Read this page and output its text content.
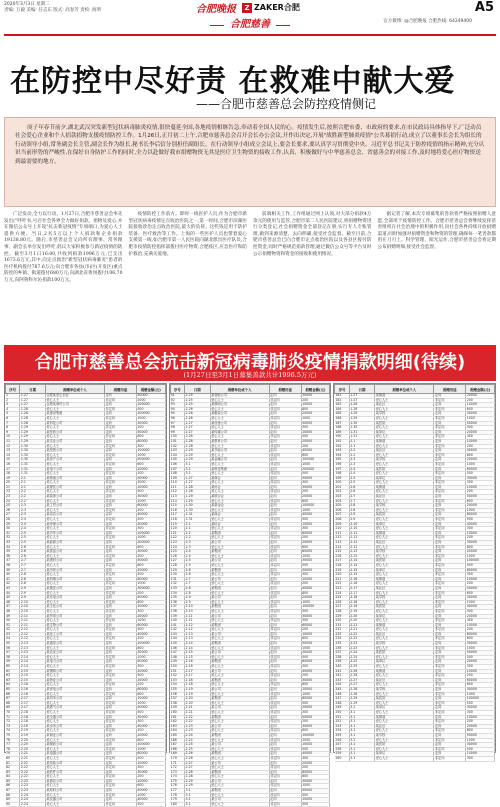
2020年3月3日 星期二
责编: 万毅 美编: 任志东 版式: 高春芳 责校: 海明	合肥晚报	Z ZAKER合肥	A5
合肥慈善	官方微博: @合肥晚报 合肥热线: 64249400
在防控中尽好责 在救难中献大爱
——合肥市慈善总会防控疫情侧记

庚子年春节前夕,湖北武汉突发新型冠状病毒肺炎疫情,很快蔓延全国,各地疫情相继告急,牵动着全国人民的心。疫情发生后,按照合肥市委、市政府的要求,在市民政局具体指导下,广泛动员社会爱心企业和个人捐款捐物支援疫情防控工作。1月26日,正月初二上午,合肥市慈善总会召开会长办公会议,开作出决定,开展"战胜新型肺炎疫情"公共募捐行动,成立了以董事长会长为组长的行动领导小组,常务副会长主管,副会长作为组长,秘书长李后信分别担任副组长。在行动领导小组成立会议上,要会长要求,要认真学习贯彻党中央、习近平总书记关于防控疫情的指示精神,充分认识当前形势的严峻性,在保好自身防护工作的同时,全力以赴做好我市捐赠物资无其是医疗卫生物资的接收工作,认真、积极做好与中华慈善总会、省慈善会的对接工作,及时地将爱心医疗物资送到最需要的地方。

广泛发动,全力以行动。1月27日,合肥市慈善总会率先发出("呼吁书,号召社会各界全力做好捐款、捐物及爱心,并在微信公众号上开设"抗击新冠疫情"专项端口,为爱心人士提供方便。当日,2名5万以上个人捐款和企业捐款19138.80元。随后,市慈善总会又向所有理事、常务理事、副会长单位发出呼吁,倡议大家积极参与新冠疫情的防控。截至3月1日16:00,共收到捐款1996万元,已支出1673.6万元,其中,向定点救治"新型冠状病毒肺炎"患者的医疗机构拨付787.6万元;向合肥市各县(市)区(开发区)重点防控的乡镇、街道拨付680万元;向湖北省黄冈拨付106.70万元,向阿鲁科尔沁捐款100万元。

疫情防控工作前方。即时一线医护人员,作为合肥市新型冠状病毒疫情定点收治医院之一,第一时间,合肥市滨湖医院接收诊治定点收治医院,最大的负荷。这些钱是用于防护装备、医疗救治等工作。上海的一些医护人员也带着爱心支援第一线,如合肥市第一人民医院向湖北派出医疗队员,合肥市疫情防控指挥部拨付医疗物资,合肥疫区,应急医疗和防护救治,充满关爱地。

前端相关工作,工作组通过网上认领,对大部分捐款4万余元的使用与监管,合肥市第二人民医院建议,将捐赠物资进行分类登记,社会捐赠资金全部登记在册,实行专人专账管理,做到来源清楚、去向明确,接受社会监督。截至目前,合肥市慈善总会已向合肥市定点收治医院以及各县区拨付防控资金,同时严格规范捐款管理,通过微信公众号等平台及时公示捐赠物资和资金的接收和使用情况。

据记者了解,本次专项募集的善款将严格按照捐赠人意愿,全部用于疫情防控工作。合肥市慈善总会将继续发挥慈善组织在社会治理中的积极作用,向社会各界持续开放捐赠渠道,同时加强对捐赠资金和物资的管理,确保每一笔善款都用在刀刃上。科学管理、阳光运作,合肥市慈善总会将定期公布捐赠明细,接受社会监督。

合肥市慈善总会抗击新冠病毒肺炎疫情捐款明细(待续)
(1月27日至3月1日募集善款共计1996.5万元)
序号	日期	捐赠单位或个人	捐赠用途	捐赠金额(元)
1	1.27	合肥某爱心企业	定向	50000
2	1.27	爱心人士	非定向	2000
3	1.27	合肥某商贸公司	定向	100000
4	1.28	爱心人士	非定向	500
5	1.28	某建设集团	定向	200000
6	1.28	爱心人士	非定向	1000
7	1.28	某科技公司	定向	30000
8	1.29	爱心人士	非定向	200
9	1.29	某医药公司	定向	50000
10	1.29	爱心人士	非定向	800
11	1.29	某实业公司	定向	80000
12	1.30	爱心人士	非定向	300
13	1.30	某投资公司	定向	100000
14	1.30	爱心人士	非定向	1000
15	1.30	某房产公司	定向	500000
16	1.31	爱心人士	非定向	600
17	1.31	某电子公司	定向	20000
18	1.31	爱心人士	非定向	100
19	2.1	某物流公司	定向	50000
20	2.1	爱心人士	非定向	2000
21	2.1	某餐饮公司	定向	10000
22	2.2	爱心人士	非定向	500
23	2.2	某装饰公司	定向	30000
24	2.2	爱心人士	非定向	1000
25	2.3	某工贸公司	定向	60000
26	2.3	爱心人士	非定向	200
27	2.3	某信息公司	定向	40000
28	2.4	爱心人士	非定向	500
29	2.4	某环保公司	定向	20000
30	2.4	爱心人士	非定向	300
31	2.5	某汽车公司	定向	100000
32	2.5	爱心人士	非定向	1000
33	2.5	某能源公司	定向	200000
34	2.6	爱心人士	非定向	600
35	2.6	某食品公司	定向	30000
36	2.6	爱心人士	非定向	200
37	2.7	某建材公司	定向	50000
38	2.7	爱心人士	非定向	800
39	2.7	某纺织公司	定向	20000
40	2.8	爱心人士	非定向	500
41	2.8	某机械公司	定向	80000
42	2.8	爱心人士	非定向	1000
43	2.9	某置业公司	定向	300000
44	2.9	爱心人士	非定向	200
45	2.9	某光电公司	定向	50000
46	2.10	爱心人士	非定向	600
47	2.10	某文化公司	定向	10000
48	2.10	爱心人士	非定向	300
49	2.11	某贸易公司	定向	20000
50	2.11	爱心人士	非定向	1000
51	2.11	某生物公司	定向	60000
52	2.12	爱心人士	非定向	500
53	2.12	某化工公司	定向	40000
54	2.12	爱心人士	非定向	200
55	2.13	某通信公司	定向	100000
56	2.13	爱心人士	非定向	800
57	2.13	某农业公司	定向	30000
58	2.14	爱心人士	非定向	1000
59	2.14	某电力公司	定向	50000
60	2.14	爱心人士	非定向	300
61	2.15	某钢构公司	定向	20000
62	2.15	爱心人士	非定向	500
63	2.15	某物业公司	定向	10000
64	2.16	爱心人士	非定向	200
65	2.16	某家电公司	定向	80000
66	2.16	爱心人士	非定向	600
67	2.17	某印务公司	定向	10000
68	2.17	爱心人士	非定向	1000
69	2.17	某燃气公司	定向	50000
70	2.18	爱心人士	非定向	500
71	2.18	某交通公司	定向	30000
72	2.18	爱心人士	非定向	300
73	2.19	某水务公司	定向	40000
74	2.19	爱心人士	非定向	200
75	2.19	某商业公司	定向	20000
76	2.20	爱心人士	非定向	800
77	2.20	某制药公司	定向	100000
78	2.20	爱心人士	非定向	1000
79	2.21	某电器公司	定向	60000
80	2.21	爱心人士	非定向	500
81	2.21	某包装公司	定向	10000
82	2.22	爱心人士	非定向	300
83	2.22	某软件公司	定向	30000
84	2.22	爱心人士	非定向	200
85	2.23	某酒店公司	定向	20000
86	2.23	爱心人士	非定向	600
87	2.23	某材料公司	定向	50000
88	2.24	爱心人士	非定向	1000
89	2.24	某仪器公司	定向	40000
90	2.24	爱心人士	非定向	500
序号	日期	捐赠单位或个人	捐赠用途	捐赠金额(元)
91	2.25	某智能公司	定向	30000
92	2.25	爱心人士	非定向	200
93	2.25	某照明公司	定向	10000
94	2.26	爱心人士	非定向	800
95	2.26	某服装公司	定向	20000
96	2.26	爱心人士	非定向	1000
97	2.27	某设备公司	定向	50000
98	2.27	爱心人士	非定向	300
99	2.27	某传媒公司	定向	10000
100	2.28	爱心人士	非定向	500
101	2.28	某教育公司	定向	20000
102	2.28	爱心人士	非定向	200
103	2.29	某节能公司	定向	40000
104	2.29	爱心人士	非定向	600
105	2.29	某金融公司	定向	100000
106	3.1	爱心人士	非定向	1000
107	3.1	某科技集团	定向	200000
108	3.1	爱心人士	非定向	500
109	1.27	某商会	定向	50000
110	1.27	爱心人士	非定向	300
111	1.28	某协会	定向	30000
112	1.28	爱心人士	非定向	200
113	1.29	某联合会	定向	20000
114	1.29	爱心人士	非定向	800
115	1.30	某基金会	定向	100000
116	1.30	爱心人士	非定向	1000
117	1.31	某商会	定向	40000
118	1.31	爱心人士	非定向	500
119	2.1	某协会	定向	10000
120	2.1	爱心人士	非定向	300
121	2.2	某集团	定向	60000
122	2.2	爱心人士	非定向	200
123	2.3	某公司	定向	20000
124	2.3	爱心人士	非定向	600
125	2.4	某集团	定向	80000
126	2.4	爱心人士	非定向	1000
127	2.5	某公司	定向	30000
128	2.5	爱心人士	非定向	500
129	2.6	某集团	定向	50000
130	2.6	爱心人士	非定向	300
131	2.7	某公司	定向	10000
132	2.7	爱心人士	非定向	200
133	2.8	某集团	定向	40000
134	2.8	爱心人士	非定向	800
135	2.9	某公司	定向	20000
136	2.9	爱心人士	非定向	1000
137	2.10	某集团	定向	100000
138	2.10	爱心人士	非定向	500
139	2.11	某公司	定向	30000
140	2.11	爱心人士	非定向	300
141	2.12	某集团	定向	60000
142	2.12	爱心人士	非定向	200
143	2.13	某公司	定向	10000
144	2.13	爱心人士	非定向	600
145	2.14	某集团	定向	50000
146	2.14	爱心人士	非定向	1000
147	2.15	某公司	定向	20000
148	2.15	爱心人士	非定向	500
149	2.16	某集团	定向	80000
150	2.16	爱心人士	非定向	300
151	2.17	某公司	定向	40000
152	2.17	爱心人士	非定向	200
153	2.18	某集团	定向	30000
154	2.18	爱心人士	非定向	800
155	2.19	某公司	定向	10000
156	2.19	爱心人士	非定向	1000
157	2.20	某集团	定向	60000
158	2.20	爱心人士	非定向	500
159	2.21	某公司	定向	20000
160	2.21	爱心人士	非定向	300
161	2.22	某集团	定向	50000
162	2.22	爱心人士	非定向	200
163	2.23	某公司	定向	30000
164	2.23	爱心人士	非定向	600
165	2.24	某集团	定向	100000
166	2.24	爱心人士	非定向	1000
167	2.25	某公司	定向	10000
168	2.25	爱心人士	非定向	500
169	2.26	某集团	定向	40000
170	2.26	爱心人士	非定向	300
171	2.27	某公司	定向	20000
172	2.27	爱心人士	非定向	200
173	2.28	某集团	定向	80000
174	2.28	爱心人士	非定向	800
175	2.29	某公司	定向	30000
176	2.29	爱心人士	非定向	1000
177	3.1	某集团	定向	50000
178	3.1	爱心人士	非定向	500
179	3.1	某公司	定向	10000
180	3.1	爱心人士	非定向	300
序号	日期	捐赠单位或个人	捐赠用途	捐赠金额(元)
181	1.27	某街道	定向	20000
182	1.27	爱心人士	非定向	200
183	1.28	某社区	定向	10000
184	1.28	爱心人士	非定向	600
185	1.29	某学校	定向	30000
186	1.29	爱心人士	非定向	1000
187	1.30	某医院	定向	50000
188	1.30	爱心人士	非定向	500
189	1.31	某单位	定向	20000
190	1.31	爱心人士	非定向	300
191	2.1	某街道	定向	10000
192	2.1	爱心人士	非定向	200
193	2.2	某社区	定向	40000
194	2.2	爱心人士	非定向	800
195	2.3	某学校	定向	20000
196	2.3	爱心人士	非定向	1000
197	2.4	某医院	定向	60000
198	2.4	爱心人士	非定向	500
199	2.5	某单位	定向	30000
200	2.5	爱心人士	非定向	300
201	2.6	某街道	定向	10000
202	2.6	爱心人士	非定向	200
203	2.7	某社区	定向	50000
204	2.7	爱心人士	非定向	600
205	2.8	某学校	定向	20000
206	2.8	爱心人士	非定向	1000
207	2.9	某医院	定向	80000
208	2.9	爱心人士	非定向	500
209	2.10	某单位	定向	40000
210	2.10	爱心人士	非定向	300
211	2.11	某街道	定向	10000
212	2.11	爱心人士	非定向	200
213	2.12	某社区	定向	30000
214	2.12	爱心人士	非定向	800
215	2.13	某学校	定向	20000
216	2.13	爱心人士	非定向	1000
217	2.14	某医院	定向	100000
218	2.14	爱心人士	非定向	500
219	2.15	某单位	定向	60000
220	2.15	爱心人士	非定向	300
221	2.16	某街道	定向	10000
222	2.16	爱心人士	非定向	200
223	2.17	某社区	定向	50000
224	2.17	爱心人士	非定向	600
225	2.18	某学校	定向	30000
226	2.18	爱心人士	非定向	1000
227	2.19	某医院	定向	40000
228	2.19	爱心人士	非定向	500
229	2.20	某单位	定向	20000
230	2.20	爱心人士	非定向	300
231	2.21	某街道	定向	10000
232	2.21	爱心人士	非定向	200
233	2.22	某社区	定向	80000
234	2.22	爱心人士	非定向	800
235	2.23	某学校	定向	30000
236	2.23	爱心人士	非定向	1000
237	2.24	某医院	定向	50000
238	2.24	爱心人士	非定向	500
239	2.25	某单位	定向	20000
240	2.25	爱心人士	非定向	300
241	2.26	某街道	定向	10000
242	2.26	爱心人士	非定向	200
243	2.27	某社区	定向	60000
244	2.27	爱心人士	非定向	600
245	2.28	某学校	定向	40000
246	2.28	爱心人士	非定向	1000
247	2.29	某医院	定向	100000
248	2.29	爱心人士	非定向	500
249	3.1	某单位	定向	30000
250	3.1	爱心人士	非定向	300
251	3.1	某街道	定向	10000
252	3.1	爱心人士	非定向	200
253	3.1	某社区	定向	20000
254	3.1	爱心人士	非定向	800
255	3.1	某学校	定向	50000
256	3.1	爱心人士	非定向	1000
257	3.1	某医院	定向	30000
258	3.1	爱心人士	非定向	500
259	3.1	某单位	定向	10000
260	3.1	爱心人士	非定向	300
